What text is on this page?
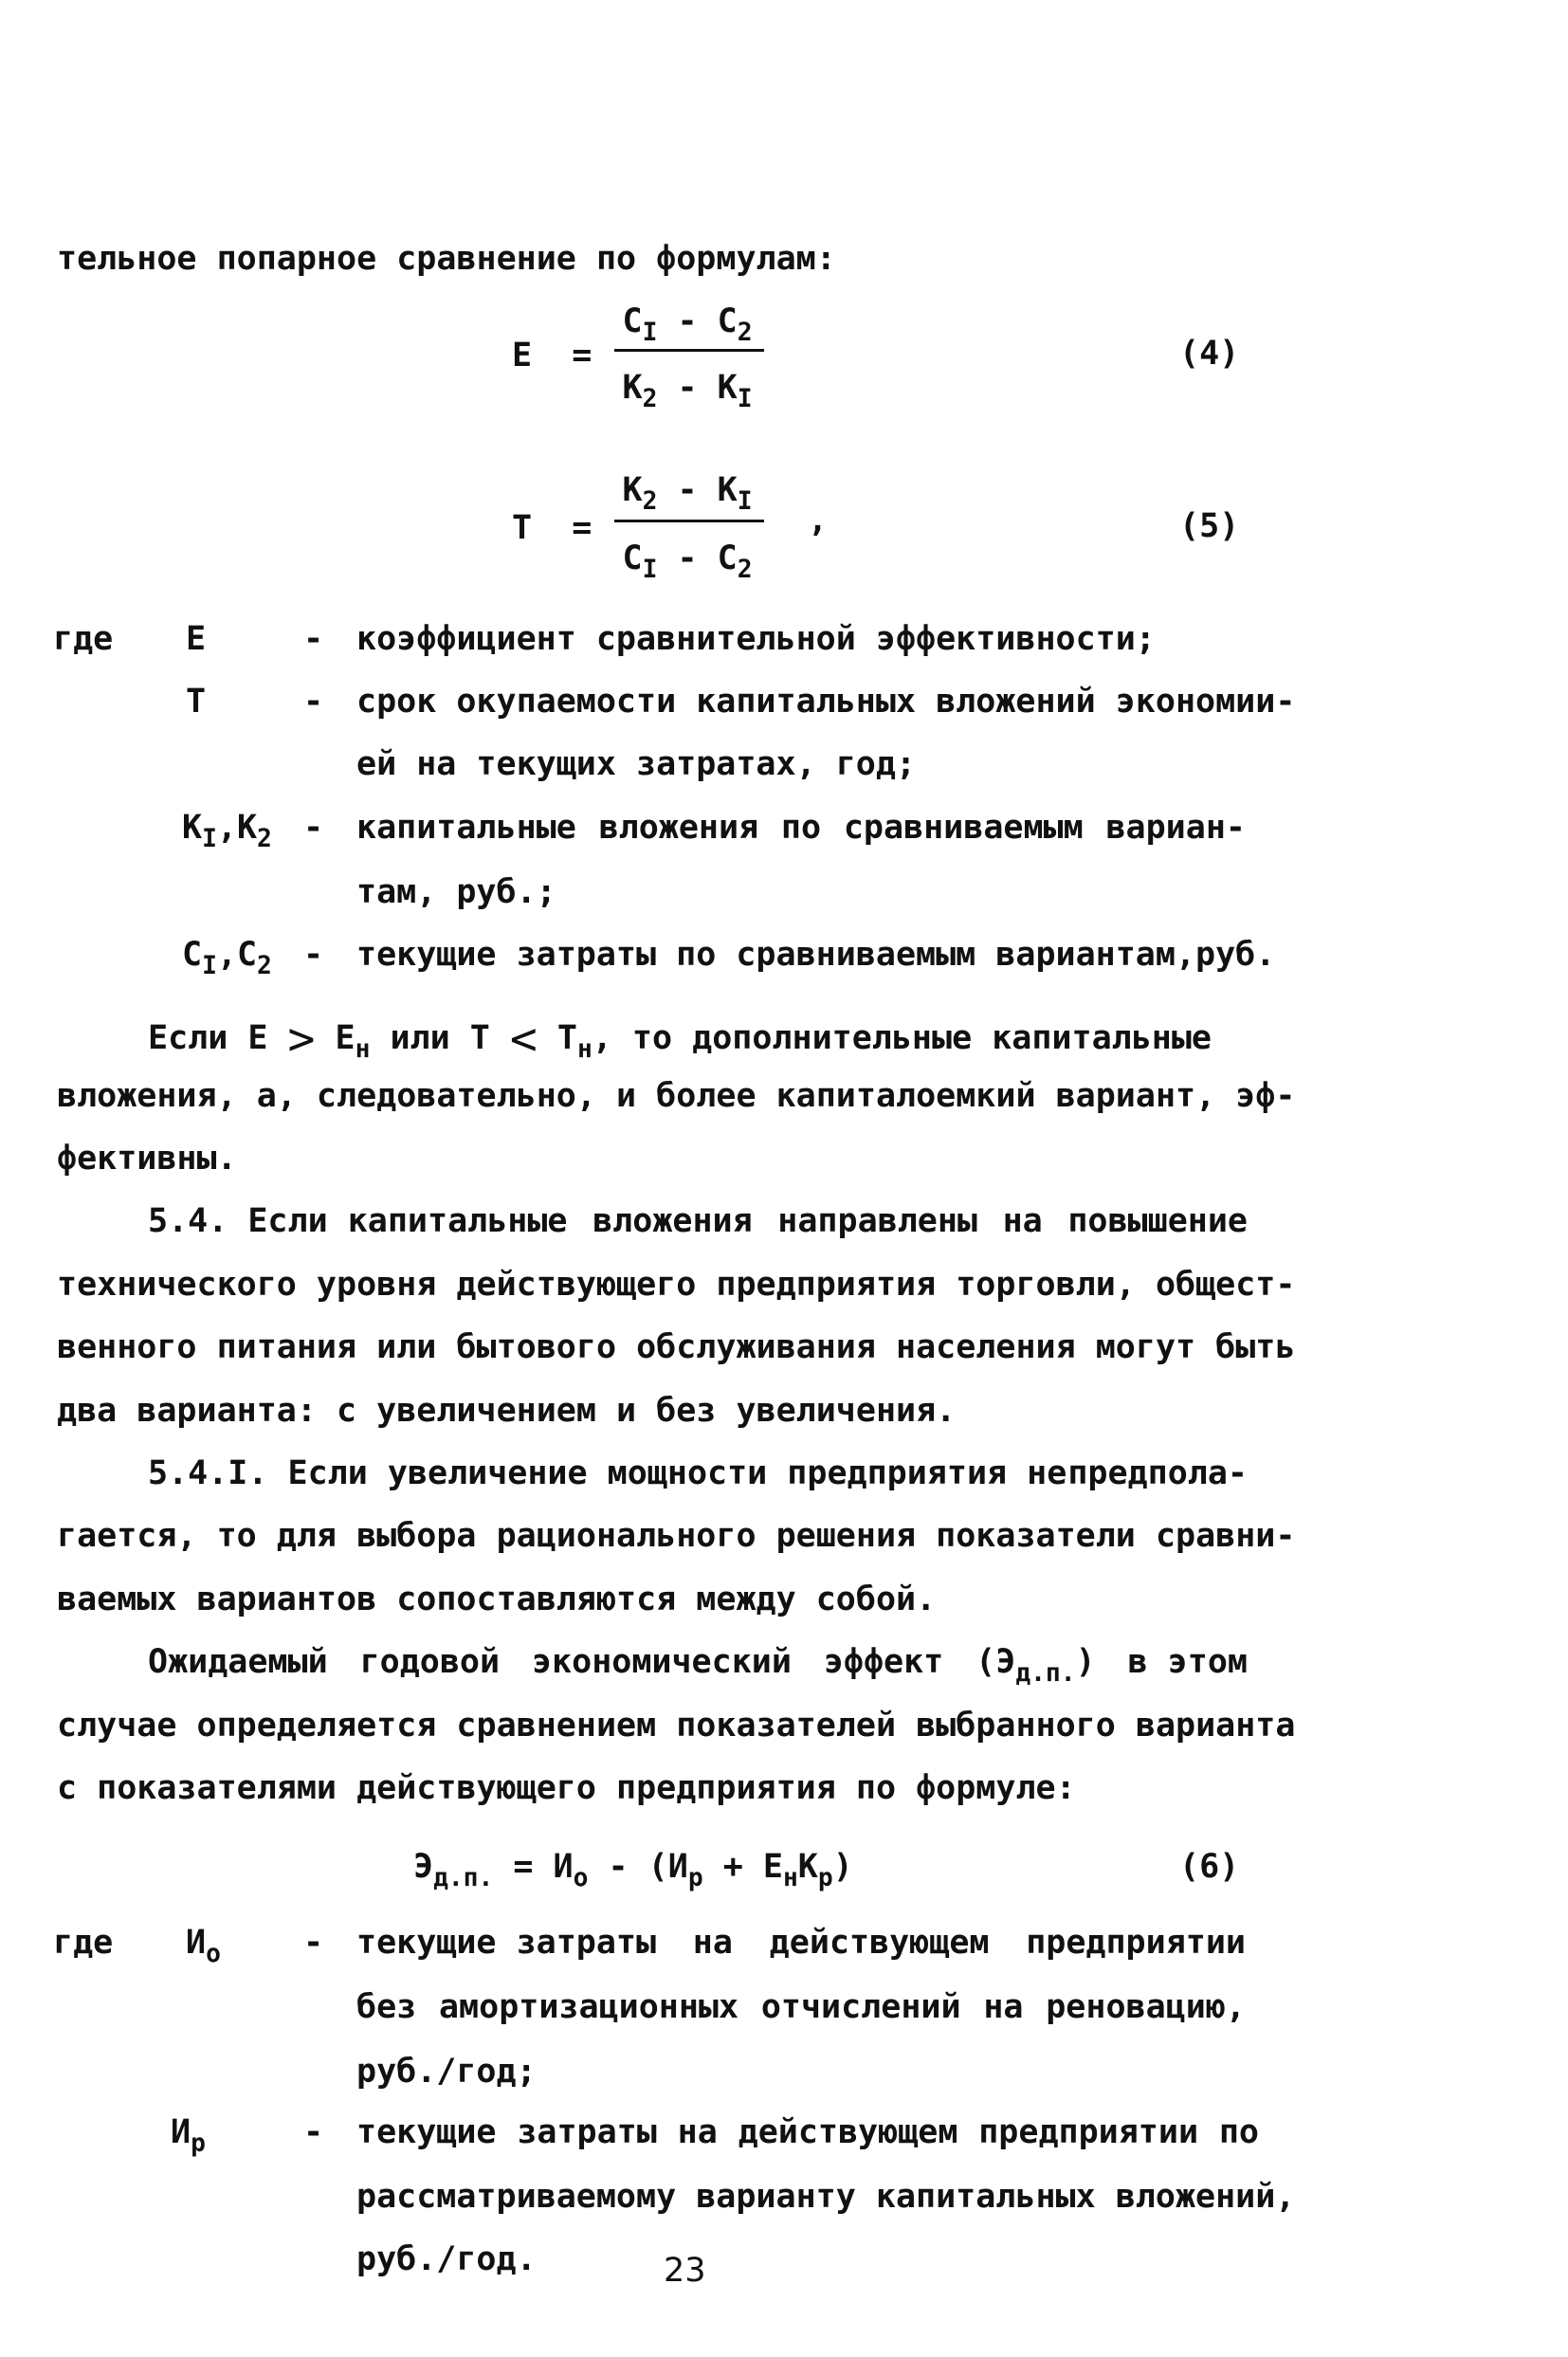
тельное попарное сравнение по формулам:
E =
$C_I - C_2$
$K_2 - K_I$
(4)
T =
$K_2 - K_I$
$C_I - C_2$
,	(5)
где E	- коэффициент сравнительной эффективности;
T	- срок окупаемости капитальных вложений экономии-
ей на текущих затратах, год;
$K_I,K_2$ - капитальные вложения по сравниваемым вариан-
там, руб.;
$C_I,C_2$ - текущие затраты по сравниваемым вариантам,руб.
Если $E > E_н$ или $T < T_н$, то дополнительные капитальные
вложения, а, следовательно, и более капиталоемкий вариант, эф-
фективны.
5.4. Если капитальные вложения направлены на повышение
технического уровня действующего предприятия торговли, общест-
венного питания или бытового обслуживания населения могут быть
два варианта: с увеличением и без увеличения.
5.4.I. Если увеличение мощности предприятия не предпола-
гается, то для выбора рационального решения показатели сравни-
ваемых вариантов сопоставляются между собой.
Ожидаемый годовой экономический эффект $(Э_{д.п.})$ в этом
случае определяется сравнением показателей выбранного варианта
с показателями действующего предприятия по формуле:
$Э_{д.п.} = И_о - (И_р + E_нK_р)$	(6)
где $И_о$ - текущие затраты на действующем предприятии
без амортизационных отчислений на реновацию,
руб./год;
$И_р$	- текущие затраты на действующем предприятии по
рассматриваемому варианту капитальных вложений,
руб./год.	23
